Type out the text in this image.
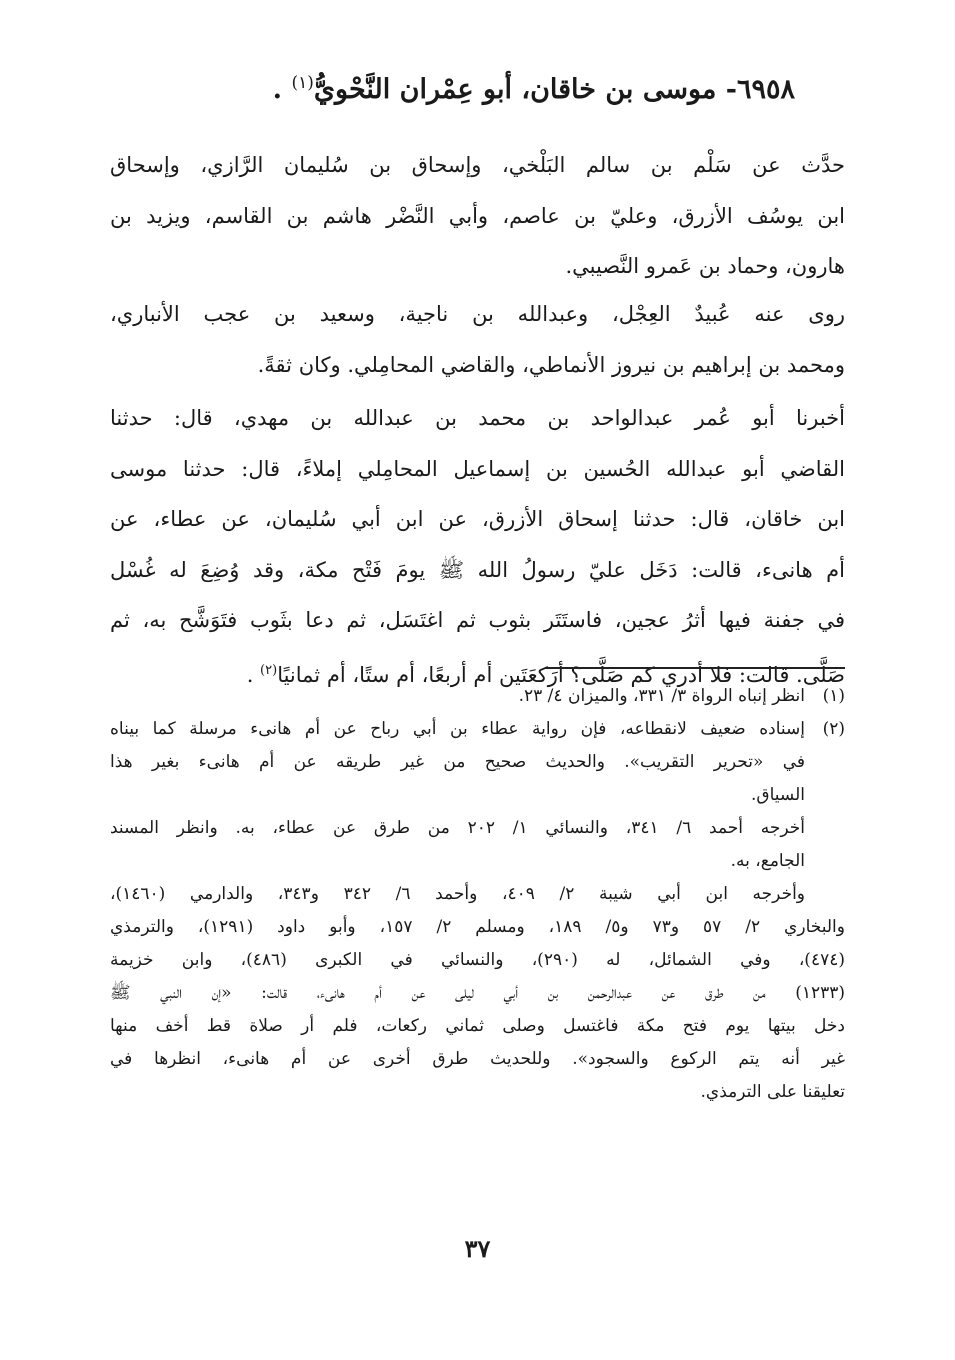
٦٩٥٨- موسى بن خاقان، أبو عِمْران النَّحْويُّ$^{(١)}$ .
حدَّث عن سَلْم بن سالم البَلْخي، وإسحاق بن سُليمان الرَّازي، وإسحاق
ابن يوسُف الأزرق، وعليّ بن عاصم، وأبي النَّضْر هاشم بن القاسم، ويزيد بن
هارون، وحماد بن عَمرو النَّصيبي.
روى عنه عُبيدٌ العِجْل، وعبدالله بن ناجية، وسعيد بن عجب الأنباري،
ومحمد بن إبراهيم بن نيروز الأنماطي، والقاضي المحامِلي. وكان ثقةً.
أخبرنا أبو عُمر عبدالواحد بن محمد بن عبدالله بن مهدي، قال: حدثنا
القاضي أبو عبدالله الحُسين بن إسماعيل المحامِلي إملاءً، قال: حدثنا موسى
ابن خاقان، قال: حدثنا إسحاق الأزرق، عن ابن أبي سُليمان، عن عطاء، عن
أم هانىء، قالت: دَخَل عليّ رسولُ الله ﷺ يومَ فَتْح مكة، وقد وُضِعَ له غُسْل
في جفنة فيها أثرُ عجين، فاستَتَر بثوب ثم اغتَسَل، ثم دعا بثَوب فتَوَشَّح به، ثم
صَلَّى. قالت: فلا أدري كم صَلَّى؟ أرَكعَتَين أم أربعًا، أم ستًا، أم ثمانيًا$^{(٢)}$ .
(١)
انظر إنباه الرواة ٣/ ٣٣١، والميزان ٤/ ٢٣.
(٢)
إسناده ضعيف لانقطاعه، فإن رواية عطاء بن أبي رباح عن أم هانىء مرسلة كما بيناه
في «تحرير التقريب». والحديث صحيح من غير طريقه عن أم هانىء بغير هذا
السياق.
أخرجه أحمد ٦/ ٣٤١، والنسائي ١/ ٢٠٢ من طرق عن عطاء، به. وانظر المسند
الجامع، به.
وأخرجه ابن أبي شيبة ٢/ ٤٠٩، وأحمد ٦/ ٣٤٢ و٣٤٣، والدارمي (١٤٦٠)،
والبخاري ٢/ ٥٧ و٧٣ و٥/ ١٨٩، ومسلم ٢/ ١٥٧، وأبو داود (١٢٩١)، والترمذي
(٤٧٤)، وفي الشمائل، له (٢٩٠)، والنسائي في الكبرى (٤٨٦)، وابن خزيمة
(١٢٣٣) من طرق عن عبدالرحمن بن أبي ليلى عن أم هانىء، قالت: «إن النبي ﷺ
دخل بيتها يوم فتح مكة فاغتسل وصلى ثماني ركعات، فلم أر صلاة قط أخف منها
غير أنه يتم الركوع والسجود». وللحديث طرق أخرى عن أم هانىء، انظرها في
تعليقنا على الترمذي.
٣٧
